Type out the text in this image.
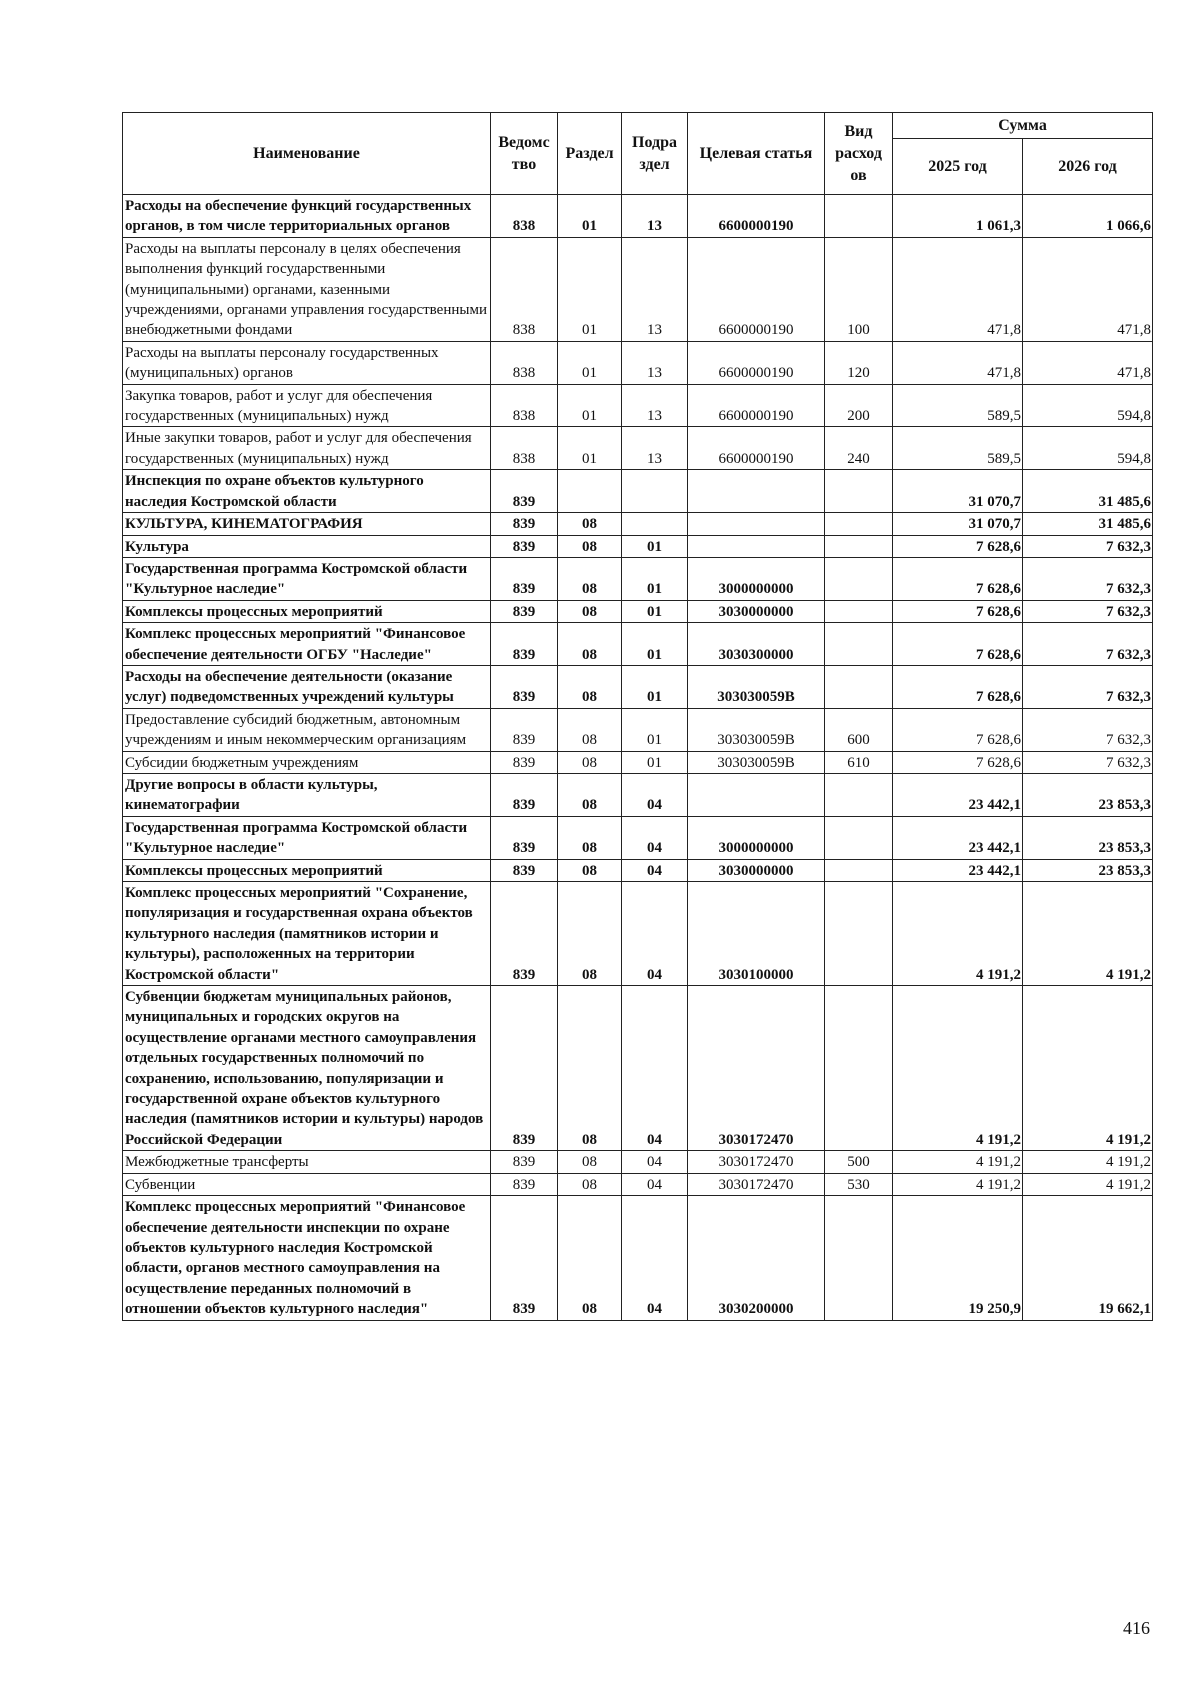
Наименование	Ведомс тво	Раздел	Подра здел	Целевая статья	Вид расход ов	Сумма	
						2025 год	2026 год
Расходы на обеспечение функций государственных органов, в том числе территориальных органов	838	01	13	6600000190		1 061,3	1 066,6
Расходы на выплаты персоналу в целях обеспечения выполнения функций государственными (муниципальными) органами, казенными учреждениями, органами управления государственными внебюджетными фондами	838	01	13	6600000190	100	471,8	471,8
Расходы на выплаты персоналу государственных (муниципальных) органов	838	01	13	6600000190	120	471,8	471,8
Закупка товаров, работ и услуг для обеспечения государственных (муниципальных) нужд	838	01	13	6600000190	200	589,5	594,8
Иные закупки товаров, работ и услуг для обеспечения государственных (муниципальных) нужд	838	01	13	6600000190	240	589,5	594,8
Инспекция по охране объектов культурного наследия Костромской области	839					31 070,7	31 485,6
КУЛЬТУРА, КИНЕМАТОГРАФИЯ	839	08				31 070,7	31 485,6
Культура	839	08	01			7 628,6	7 632,3
Государственная программа Костромской области "Культурное наследие"	839	08	01	3000000000		7 628,6	7 632,3
Комплексы процессных мероприятий	839	08	01	3030000000		7 628,6	7 632,3
Комплекс процессных мероприятий "Финансовое обеспечение деятельности ОГБУ "Наследие"	839	08	01	3030300000		7 628,6	7 632,3
Расходы на обеспечение деятельности (оказание услуг) подведомственных учреждений культуры	839	08	01	303030059В		7 628,6	7 632,3
Предоставление субсидий бюджетным, автономным учреждениям и иным некоммерческим организациям	839	08	01	303030059В	600	7 628,6	7 632,3
Субсидии бюджетным учреждениям	839	08	01	303030059В	610	7 628,6	7 632,3
Другие вопросы в области культуры, кинематографии	839	08	04			23 442,1	23 853,3
Государственная программа Костромской области "Культурное наследие"	839	08	04	3000000000		23 442,1	23 853,3
Комплексы процессных мероприятий	839	08	04	3030000000		23 442,1	23 853,3
Комплекс процессных мероприятий "Сохранение, популяризация и государственная охрана объектов культурного наследия (памятников истории и культуры), расположенных на территории Костромской области"	839	08	04	3030100000		4 191,2	4 191,2
Субвенции бюджетам муниципальных районов, муниципальных и городских округов на осуществление органами местного самоуправления отдельных государственных полномочий по сохранению, использованию, популяризации и государственной охране объектов культурного наследия (памятников истории и культуры) народов Российской Федерации	839	08	04	3030172470		4 191,2	4 191,2
Межбюджетные трансферты	839	08	04	3030172470	500	4 191,2	4 191,2
Субвенции	839	08	04	3030172470	530	4 191,2	4 191,2
Комплекс процессных мероприятий "Финансовое обеспечение деятельности инспекции по охране объектов культурного наследия Костромской области, органов местного самоуправления на осуществление переданных полномочий в отношении объектов культурного наследия"	839	08	04	3030200000		19 250,9	19 662,1
416
